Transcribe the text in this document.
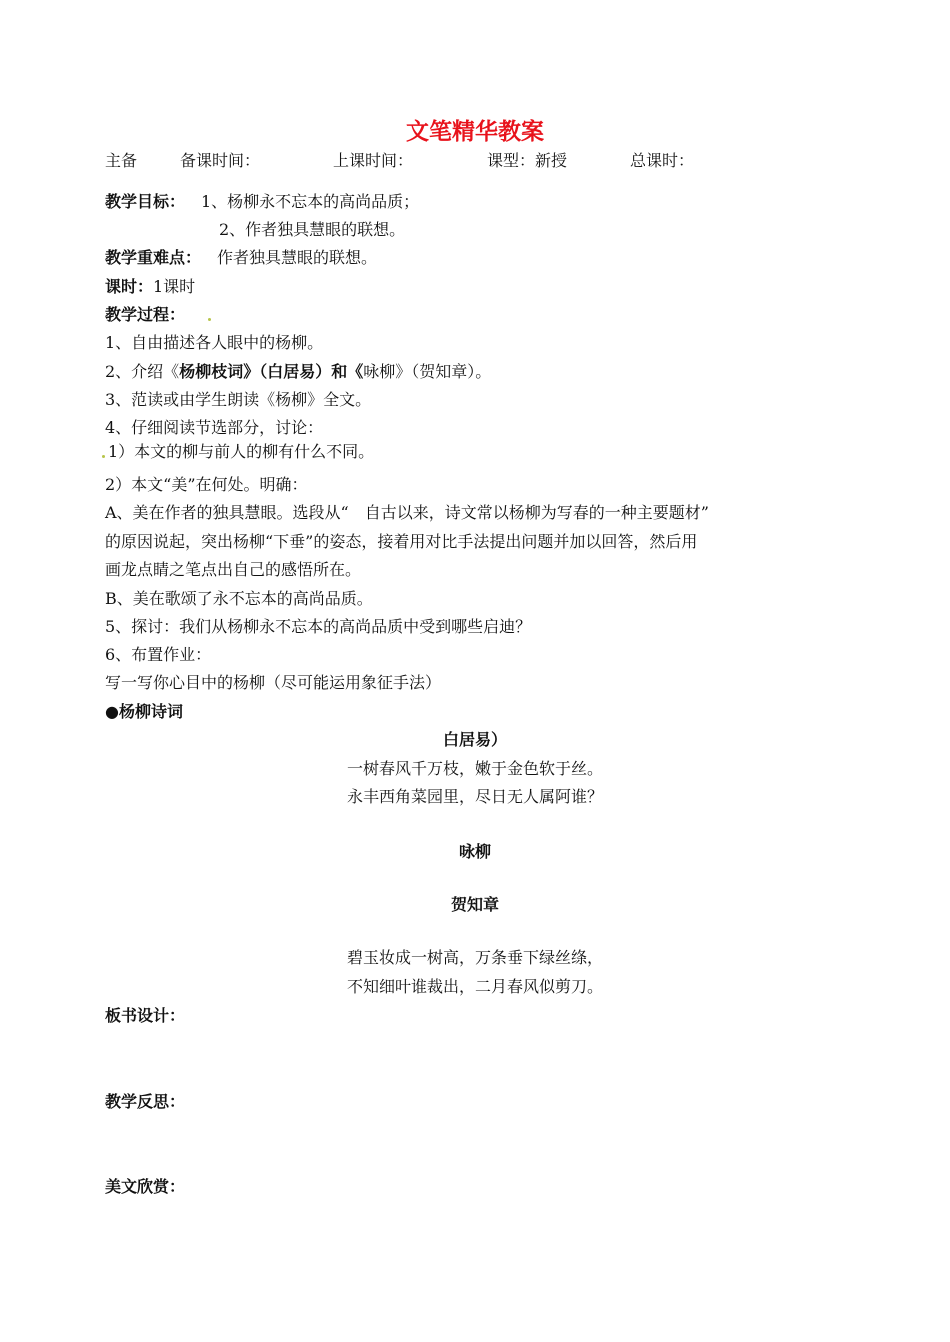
文笔精华教案
主备	备课时间：	上课时间：	课型：新授	总课时：
教学目标： 1、杨柳永不忘本的高尚品质；
2、作者独具慧眼的联想。
教学重难点： 作者独具慧眼的联想。
课时： 1课时
教学过程：
1、自由描述各人眼中的杨柳。
2、介绍《杨柳枝词》（白居易）和《咏柳》（贺知章）。
3、范读或由学生朗读《杨柳》全文。
4、仔细阅读节选部分，讨论：
1）本文的柳与前人的柳有什么不同。
2）本文“美”在何处。明确：
A、美在作者的独具慧眼。选段从“　自古以来，诗文常以杨柳为写春的一种主要题材”
的原因说起，突出杨柳“下垂”的姿态，接着用对比手法提出问题并加以回答，然后用
画龙点睛之笔点出自己的感悟所在。
B、美在歌颂了永不忘本的高尚品质。
5、探讨：我们从杨柳永不忘本的高尚品质中受到哪些启迪？
6、布置作业：
写一写你心目中的杨柳（尽可能运用象征手法）
●杨柳诗词
白居易）
一树春风千万枝，嫩于金色软于丝。
永丰西角菜园里，尽日无人属阿谁？
咏柳
贺知章
碧玉妆成一树高，万条垂下绿丝绦，
不知细叶谁裁出，二月春风似剪刀。
板书设计：
教学反思：
美文欣赏：
